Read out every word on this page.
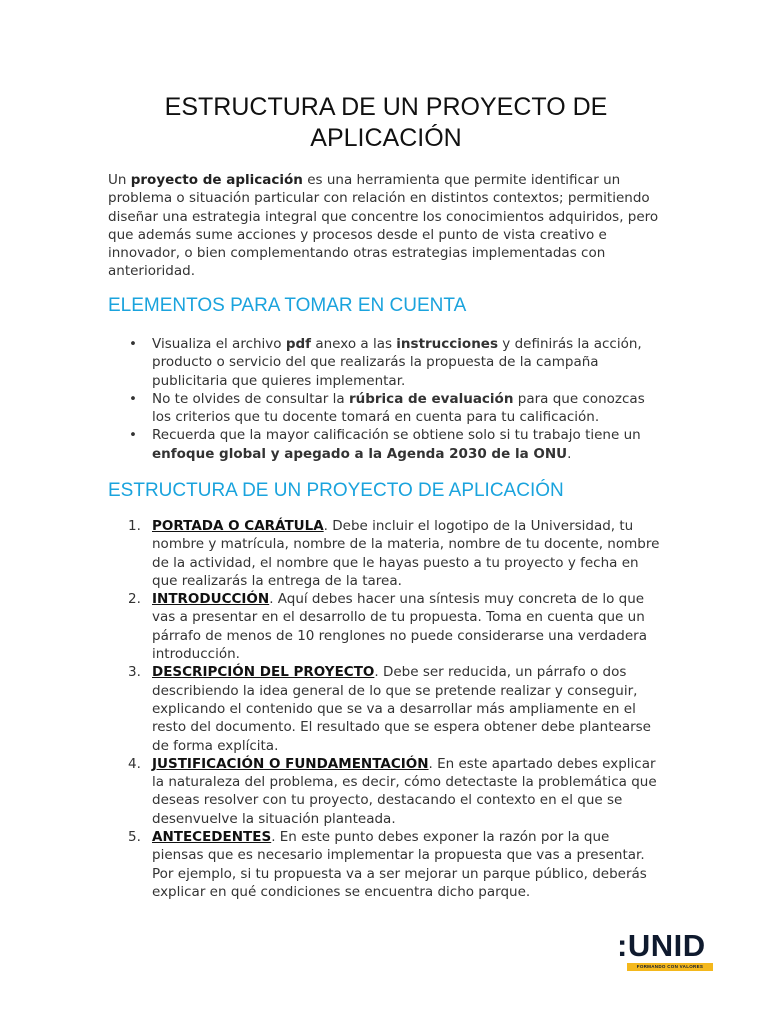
ESTRUCTURA DE UN PROYECTO DE
APLICACIÓN

Un proyecto de aplicación es una herramienta que permite identificar un problema o situación particular con relación en distintos contextos; permitiendo diseñar una estrategia integral que concentre los conocimientos adquiridos, pero que además sume acciones y procesos desde el punto de vista creativo e innovador, o bien complementando otras estrategias implementadas con anterioridad.

ELEMENTOS PARA TOMAR EN CUENTA
• Visualiza el archivo pdf anexo a las instrucciones y definirás la acción, producto o servicio del que realizarás la propuesta de la campaña publicitaria que quieres implementar.
• No te olvides de consultar la rúbrica de evaluación para que conozcas los criterios que tu docente tomará en cuenta para tu calificación.
• Recuerda que la mayor calificación se obtiene solo si tu trabajo tiene un enfoque global y apegado a la Agenda 2030 de la ONU.
ESTRUCTURA DE UN PROYECTO DE APLICACIÓN
1. PORTADA O CARÁTULA. Debe incluir el logotipo de la Universidad, tu nombre y matrícula, nombre de la materia, nombre de tu docente, nombre de la actividad, el nombre que le hayas puesto a tu proyecto y fecha en que realizarás la entrega de la tarea.
2. INTRODUCCIÓN. Aquí debes hacer una síntesis muy concreta de lo que vas a presentar en el desarrollo de tu propuesta. Toma en cuenta que un párrafo de menos de 10 renglones no puede considerarse una verdadera introducción.
3. DESCRIPCIÓN DEL PROYECTO. Debe ser reducida, un párrafo o dos describiendo la idea general de lo que se pretende realizar y conseguir, explicando el contenido que se va a desarrollar más ampliamente en el resto del documento. El resultado que se espera obtener debe plantearse de forma explícita.
4. JUSTIFICACIÓN O FUNDAMENTACIÓN. En este apartado debes explicar la naturaleza del problema, es decir, cómo detectaste la problemática que deseas resolver con tu proyecto, destacando el contexto en el que se desenvuelve la situación planteada.
5. ANTECEDENTES. En este punto debes exponer la razón por la que piensas que es necesario implementar la propuesta que vas a presentar. Por ejemplo, si tu propuesta va a ser mejorar un parque público, deberás explicar en qué condiciones se encuentra dicho parque.
:UNID
FORMANDO CON VALORES
